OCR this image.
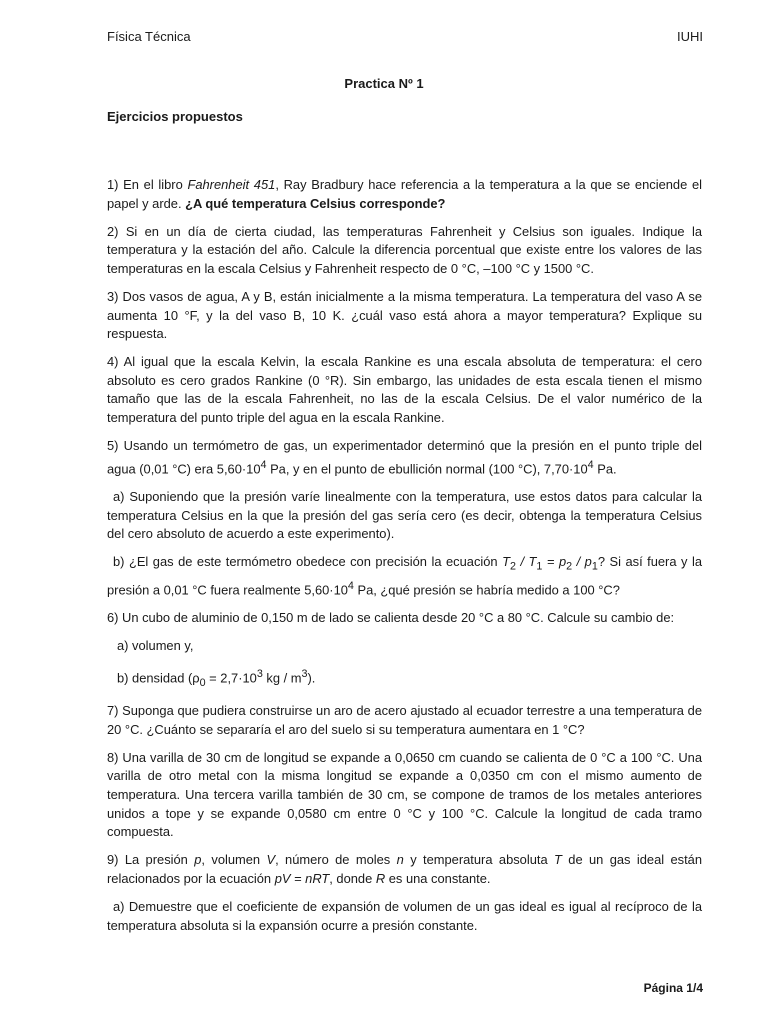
Física Técnica	IUHI
Practica Nº 1
Ejercicios propuestos

1) En el libro Fahrenheit 451, Ray Bradbury hace referencia a la temperatura a la que se enciende el papel y arde. ¿A qué temperatura Celsius corresponde?

2) Si en un día de cierta ciudad, las temperaturas Fahrenheit y Celsius son iguales. Indique la temperatura y la estación del año. Calcule la diferencia porcentual que existe entre los valores de las temperaturas en la escala Celsius y Fahrenheit respecto de 0 °C, –100 °C y 1500 °C.

3) Dos vasos de agua, A y B, están inicialmente a la misma temperatura. La temperatura del vaso A se aumenta 10 °F, y la del vaso B, 10 K. ¿cuál vaso está ahora a mayor temperatura? Explique su respuesta.

4) Al igual que la escala Kelvin, la escala Rankine es una escala absoluta de temperatura: el cero absoluto es cero grados Rankine (0 °R). Sin embargo, las unidades de esta escala tienen el mismo tamaño que las de la escala Fahrenheit, no las de la escala Celsius. De el valor numérico de la temperatura del punto triple del agua en la escala Rankine.

5) Usando un termómetro de gas, un experimentador determinó que la presión en el punto triple del agua (0,01 °C) era $5,60\cdot 10^4$ Pa, y en el punto de ebullición normal (100 °C), $7,70\cdot 10^4$ Pa.

a) Suponiendo que la presión varíe linealmente con la temperatura, use estos datos para calcular la temperatura Celsius en la que la presión del gas sería cero (es decir, obtenga la temperatura Celsius del cero absoluto de acuerdo a este experimento).

b) ¿El gas de este termómetro obedece con precisión la ecuación $T_2 / T_1 = p_2 / p_1$? Si así fuera y la presión a 0,01 °C fuera realmente $5,60\cdot 10^4$ Pa, ¿qué presión se habría medido a 100 °C?

6) Un cubo de aluminio de 0,150 m de lado se calienta desde 20 °C a 80 °C. Calcule su cambio de:

a) volumen y,

b) densidad ($\rho_0 = 2,7\cdot 10^3$ kg / $m^3$).

7) Suponga que pudiera construirse un aro de acero ajustado al ecuador terrestre a una temperatura de 20 °C. ¿Cuánto se separaría el aro del suelo si su temperatura aumentara en 1 °C?

8) Una varilla de 30 cm de longitud se expande a 0,0650 cm cuando se calienta de 0 °C a 100 °C. Una varilla de otro metal con la misma longitud se expande a 0,0350 cm con el mismo aumento de temperatura. Una tercera varilla también de 30 cm, se compone de tramos de los metales anteriores unidos a tope y se expande 0,0580 cm entre 0 °C y 100 °C. Calcule la longitud de cada tramo compuesta.

9) La presión p, volumen V, número de moles n y temperatura absoluta T de un gas ideal están relacionados por la ecuación pV = nRT, donde R es una constante.

a) Demuestre que el coeficiente de expansión de volumen de un gas ideal es igual al recíproco de la temperatura absoluta si la expansión ocurre a presión constante.

Página 1/4
